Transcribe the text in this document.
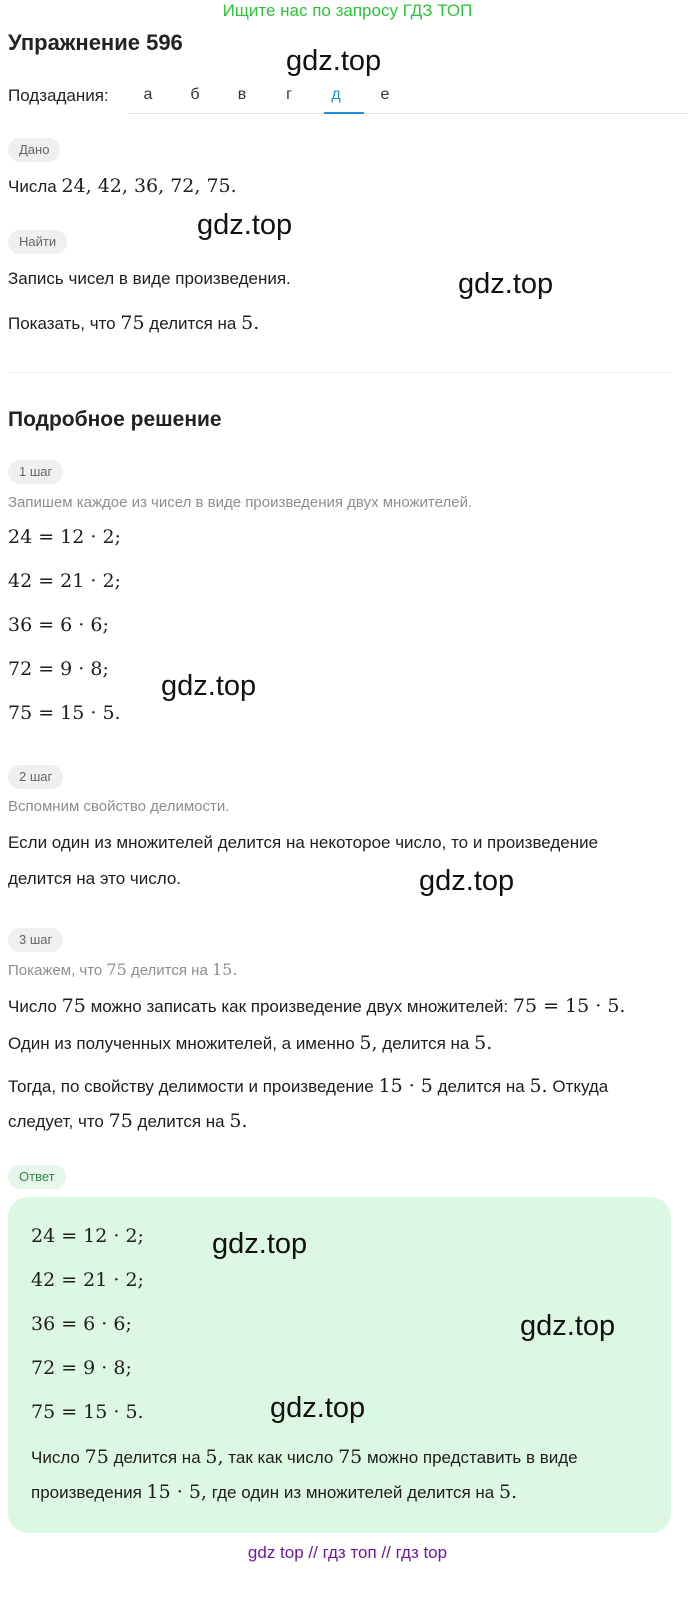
Ищите нас по запросу ГДЗ ТОП
Упражнение 596
Подзадания:	а	б	в	г	д	е
Дано
Числа 24, 42, 36, 72, 75.
Найти
Запись чисел в виде произведения.
Показать, что 75 делится на 5.
Подробное решение
1 шаг
Запишем каждое из чисел в виде произведения двух множителей.
24 = 12 · 2;
42 = 21 · 2;
36 = 6 · 6;
72 = 9 · 8;
75 = 15 · 5.
2 шаг
Вспомним свойство делимости.
Если один из множителей делится на некоторое число, то и произведение
делится на это число.
3 шаг
Покажем, что 75 делится на 15.
Число 75 можно записать как произведение двух множителей: 75 = 15 · 5.
Один из полученных множителей, а именно 5, делится на 5.
Тогда, по свойству делимости и произведение 15 · 5 делится на 5. Откуда
следует, что 75 делится на 5.
Ответ
24 = 12 · 2;
42 = 21 · 2;
36 = 6 · 6;
72 = 9 · 8;
75 = 15 · 5.
Число 75 делится на 5, так как число 75 можно представить в виде
произведения 15 · 5, где один из множителей делится на 5.
gdz.top
gdz.top
gdz.top
gdz.top
gdz.top
gdz.top
gdz.top
gdz.top
gdz top // гдз топ // гдз top
